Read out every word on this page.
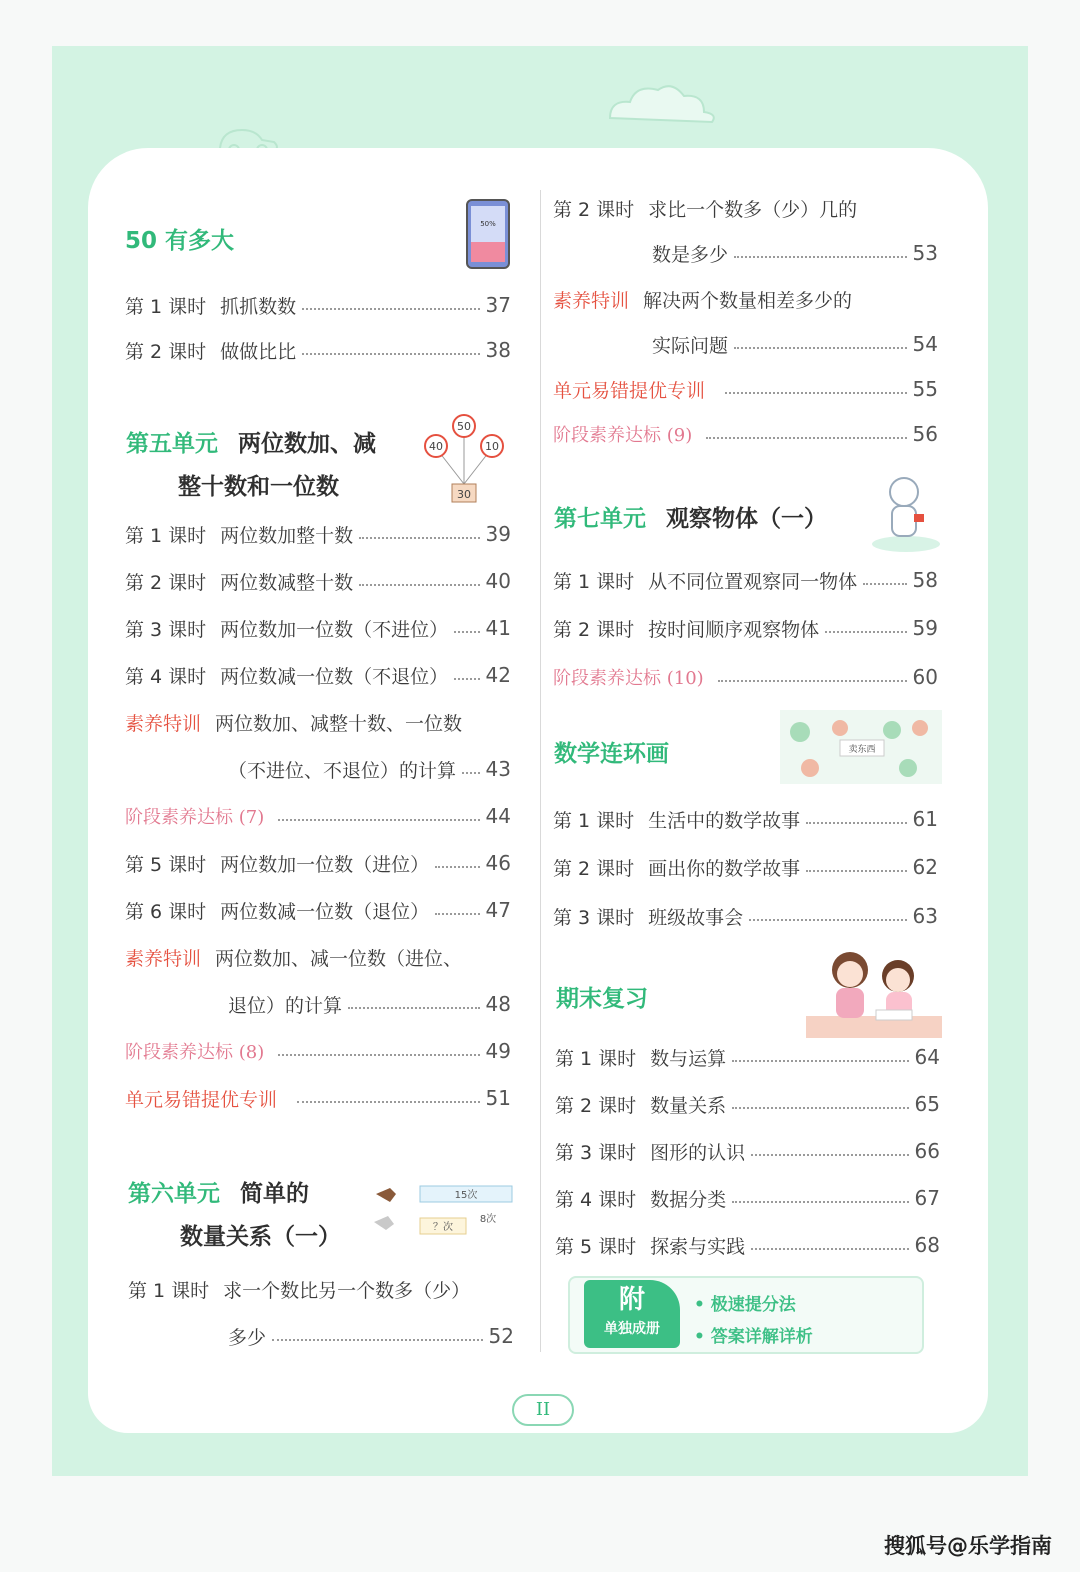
50 有多大
50%
第 1 课时 抓抓数数	37
第 2 课时 做做比比	38
第五单元 两位数加、减
整十数和一位数
50
40	10
30
第 1 课时 两位数加整十数	39
第 2 课时 两位数减整十数	40
第 3 课时 两位数加一位数（不进位） 41
第 4 课时 两位数减一位数（不退位） 42
素养特训 两位数加、减整十数、一位数
（不进位、不退位）的计算 43
阶段素养达标 (7)	44
第 5 课时 两位数加一位数（进位）	46
第 6 课时 两位数减一位数（退位）	47
素养特训 两位数加、减一位数（进位、
退位）的计算	48
阶段素养达标 (8)	49
单元易错提优专训	51
第六单元 简单的
数量关系（一）
15次
？次
8次
第 1 课时 求一个数比另一个数多（少）
多少	52
第 2 课时 求比一个数多（少）几的
数是多少	53
素养特训 解决两个数量相差多少的
实际问题	54
单元易错提优专训	55
阶段素养达标 (9)	56
第七单元 观察物体（一）
第 1 课时 从不同位置观察同一物体	58
第 2 课时 按时间顺序观察物体	59
阶段素养达标 (10)	60
数学连环画	卖东西
第 1 课时 生活中的数学故事	61
第 2 课时 画出你的数学故事	62
第 3 课时 班级故事会	63
期末复习
第 1 课时 数与运算	64
第 2 课时 数量关系	65
第 3 课时 图形的认识	66
第 4 课时 数据分类	67
第 5 课时 探索与实践	68
附
单独成册
• 极速提分法
• 答案详解详析
II
搜狐号@乐学指南
